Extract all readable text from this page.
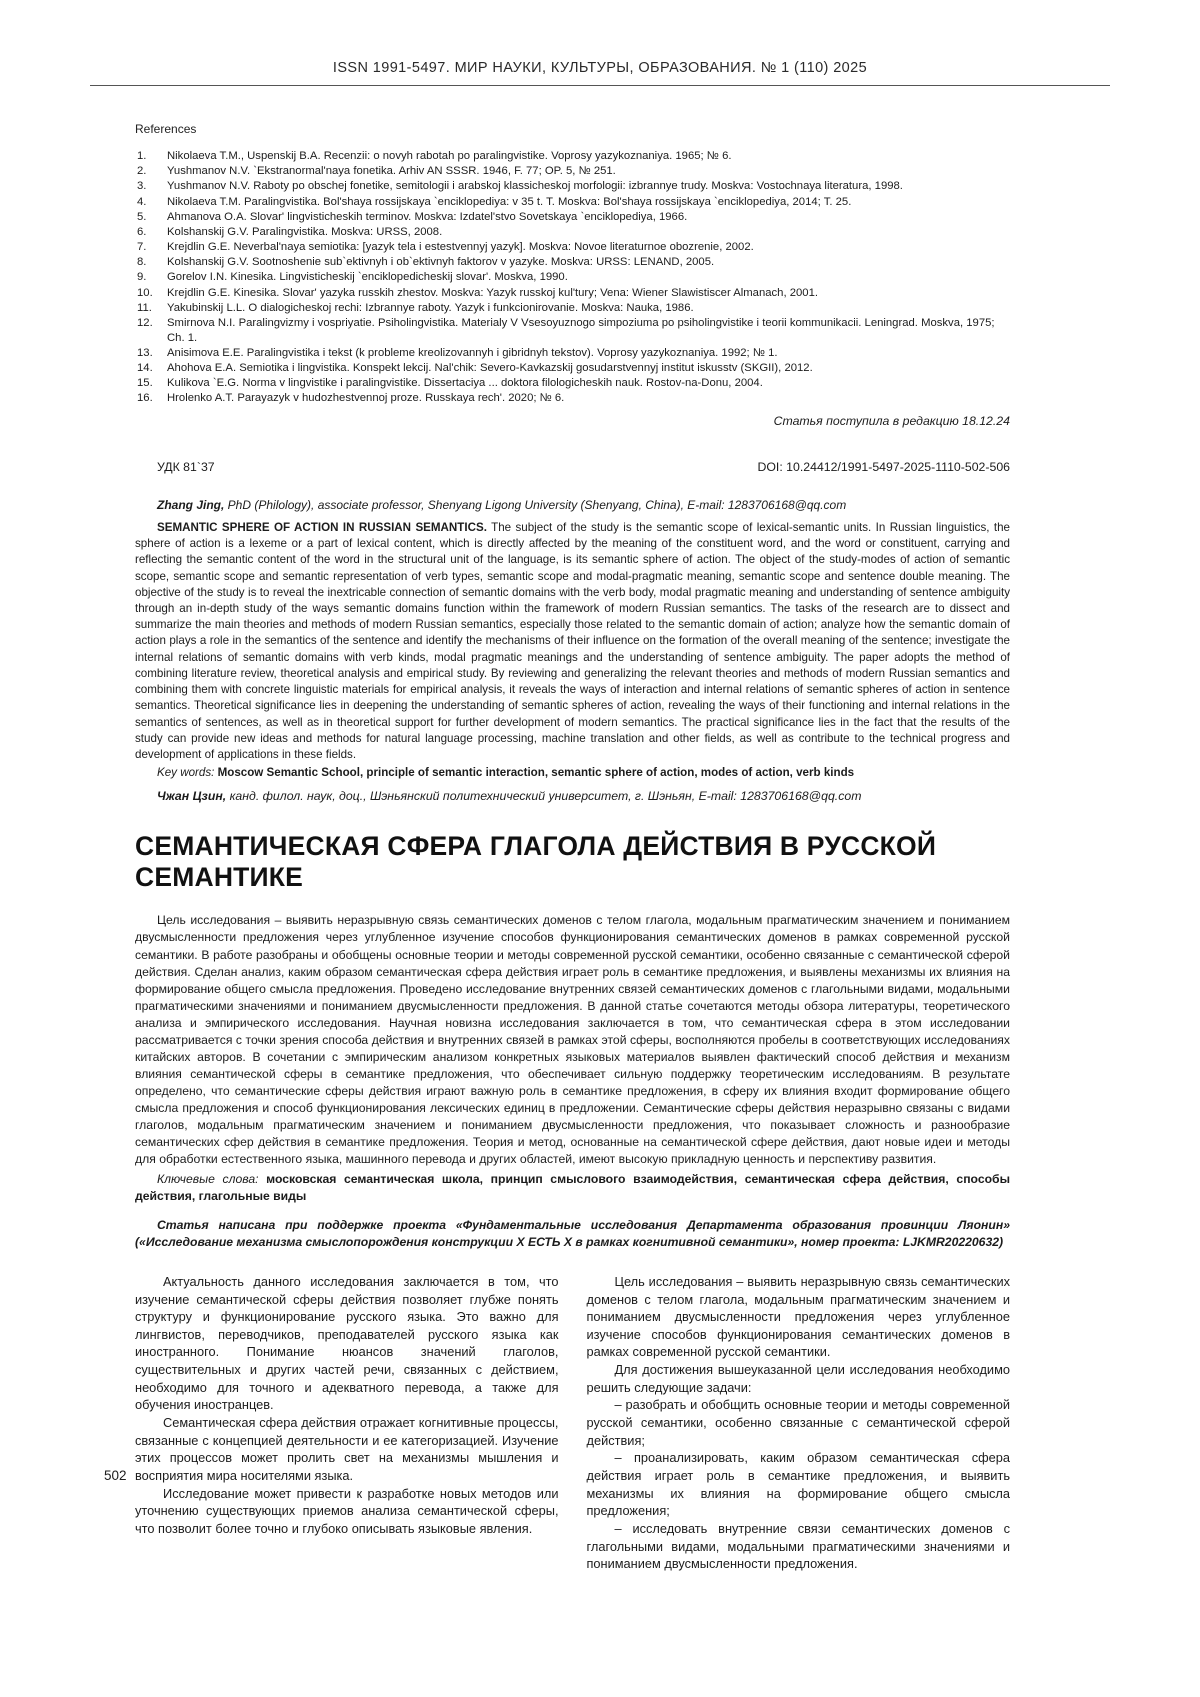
ISSN 1991-5497. МИР НАУКИ, КУЛЬТУРЫ, ОБРАЗОВАНИЯ. № 1 (110) 2025
References
Nikolaeva T.M., Uspenskij B.A. Recenzii: o novyh rabotah po paralingvistike. Voprosy yazykoznaniya. 1965; № 6.
Yushmanov N.V. `Ekstranormal'naya fonetika. Arhiv AN SSSR. 1946, F. 77; OP. 5, № 251.
Yushmanov N.V. Raboty po obschej fonetike, semitologii i arabskoj klassicheskoj morfologii: izbrannye trudy. Moskva: Vostochnaya literatura, 1998.
Nikolaeva T.M. Paralingvistika. Bol'shaya rossijskaya `enciklopediya: v 35 t. T. Moskva: Bol'shaya rossijskaya `enciklopediya, 2014; T. 25.
Ahmanova O.A. Slovar' lingvisticheskih terminov. Moskva: Izdatel'stvo Sovetskaya `enciklopediya, 1966.
Kolshanskij G.V. Paralingvistika. Moskva: URSS, 2008.
Krejdlin G.E. Neverbal'naya semiotika: [yazyk tela i estestvennyj yazyk]. Moskva: Novoe literaturnoe obozrenie, 2002.
Kolshanskij G.V. Sootnoshenie sub`ektivnyh i ob`ektivnyh faktorov v yazyke. Moskva: URSS: LENAND, 2005.
Gorelov I.N. Kinesika. Lingvisticheskij `enciklopedicheskij slovar'. Moskva, 1990.
Krejdlin G.E. Kinesika. Slovar' yazyka russkih zhestov. Moskva: Yazyk russkoj kul'tury; Vena: Wiener Slawistiscer Almanach, 2001.
Yakubinskij L.L. O dialogicheskoj rechi: Izbrannye raboty. Yazyk i funkcionirovanie. Moskva: Nauka, 1986.
Smirnova N.I. Paralingvizmy i vospriyatie. Psiholingvistika. Materialy V Vsesoyuznogo simpoziuma po psiholingvistike i teorii kommunikacii. Leningrad. Moskva, 1975; Ch. 1.
Anisimova E.E. Paralingvistika i tekst (k probleme kreolizovannyh i gibridnyh tekstov). Voprosy yazykoznaniya. 1992; № 1.
Ahohova E.A. Semiotika i lingvistika. Konspekt lekcij. Nal'chik: Severo-Kavkazskij gosudarstvennyj institut iskusstv (SKGII), 2012.
Kulikova `E.G. Norma v lingvistike i paralingvistike. Dissertaciya ... doktora filologicheskih nauk. Rostov-na-Donu, 2004.
Hrolenko A.T. Parayazyk v hudozhestvennoj proze. Russkaya rech'. 2020; № 6.
Статья поступила в редакцию 18.12.24
УДК 81`37	DOI: 10.24412/1991-5497-2025-1110-502-506

Zhang Jing, PhD (Philology), associate professor, Shenyang Ligong University (Shenyang, China), E-mail: 1283706168@qq.com

SEMANTIC SPHERE OF ACTION IN RUSSIAN SEMANTICS. The subject of the study is the semantic scope of lexical-semantic units. In Russian linguistics, the sphere of action is a lexeme or a part of lexical content, which is directly affected by the meaning of the constituent word, and the word or constituent, carrying and reflecting the semantic content of the word in the structural unit of the language, is its semantic sphere of action. The object of the study-modes of action of semantic scope, semantic scope and semantic representation of verb types, semantic scope and modal-pragmatic meaning, semantic scope and sentence double meaning. The objective of the study is to reveal the inextricable connection of semantic domains with the verb body, modal pragmatic meaning and understanding of sentence ambiguity through an in-depth study of the ways semantic domains function within the framework of modern Russian semantics. The tasks of the research are to dissect and summarize the main theories and methods of modern Russian semantics, especially those related to the semantic domain of action; analyze how the semantic domain of action plays a role in the semantics of the sentence and identify the mechanisms of their influence on the formation of the overall meaning of the sentence; investigate the internal relations of semantic domains with verb kinds, modal pragmatic meanings and the understanding of sentence ambiguity. The paper adopts the method of combining literature review, theoretical analysis and empirical study. By reviewing and generalizing the relevant theories and methods of modern Russian semantics and combining them with concrete linguistic materials for empirical analysis, it reveals the ways of interaction and internal relations of semantic spheres of action in sentence semantics. Theoretical significance lies in deepening the understanding of semantic spheres of action, revealing the ways of their functioning and internal relations in the semantics of sentences, as well as in theoretical support for further development of modern semantics. The practical significance lies in the fact that the results of the study can provide new ideas and methods for natural language processing, machine translation and other fields, as well as contribute to the technical progress and development of applications in these fields.

Key words: Moscow Semantic School, principle of semantic interaction, semantic sphere of action, modes of action, verb kinds

Чжан Цзин, канд. филол. наук, доц., Шэньянский политехнический университет, г. Шэньян, E-mail: 1283706168@qq.com

СЕМАНТИЧЕСКАЯ СФЕРА ГЛАГОЛА ДЕЙСТВИЯ В РУССКОЙ СЕМАНТИКЕ

Цель исследования – выявить неразрывную связь семантических доменов с телом глагола, модальным прагматическим значением и пониманием двусмысленности предложения через углубленное изучение способов функционирования семантических доменов в рамках современной русской семантики. В работе разобраны и обобщены основные теории и методы современной русской семантики, особенно связанные с семантической сферой действия. Сделан анализ, каким образом семантическая сфера действия играет роль в семантике предложения, и выявлены механизмы их влияния на формирование общего смысла предложения. Проведено исследование внутренних связей семантических доменов с глагольными видами, модальными прагматическими значениями и пониманием двусмысленности предложения. В данной статье сочетаются методы обзора литературы, теоретического анализа и эмпирического исследования. Научная новизна исследования заключается в том, что семантическая сфера в этом исследовании рассматривается с точки зрения способа действия и внутренних связей в рамках этой сферы, восполняются пробелы в соответствующих исследованиях китайских авторов. В сочетании с эмпирическим анализом конкретных языковых материалов выявлен фактический способ действия и механизм влияния семантической сферы в семантике предложения, что обеспечивает сильную поддержку теоретическим исследованиям. В результате определено, что семантические сферы действия играют важную роль в семантике предложения, в сферу их влияния входит формирование общего смысла предложения и способ функционирования лексических единиц в предложении. Семантические сферы действия неразрывно связаны с видами глаголов, модальным прагматическим значением и пониманием двусмысленности предложения, что показывает сложность и разнообразие семантических сфер действия в семантике предложения. Теория и метод, основанные на семантической сфере действия, дают новые идеи и методы для обработки естественного языка, машинного перевода и других областей, имеют высокую прикладную ценность и перспективу развития.

Ключевые слова: московская семантическая школа, принцип смыслового взаимодействия, семантическая сфера действия, способы действия, глагольные виды

Статья написана при поддержке проекта «Фундаментальные исследования Департамента образования провинции Ляонин» («Исследование механизма смыслопорождения конструкции Х ЕСТЬ Х в рамках когнитивной семантики», номер проекта: LJKMR20220632)

Актуальность данного исследования заключается в том, что изучение семантической сферы действия позволяет глубже понять структуру и функционирование русского языка. Это важно для лингвистов, переводчиков, преподавателей русского языка как иностранного. Понимание нюансов значений глаголов, существительных и других частей речи, связанных с действием, необходимо для точного и адекватного перевода, а также для обучения иностранцев.

Семантическая сфера действия отражает когнитивные процессы, связанные с концепцией деятельности и ее категоризацией. Изучение этих процессов может пролить свет на механизмы мышления и восприятия мира носителями языка.

Исследование может привести к разработке новых методов или уточнению существующих приемов анализа семантической сферы, что позволит более точно и глубоко описывать языковые явления.

Цель исследования – выявить неразрывную связь семантических доменов с телом глагола, модальным прагматическим значением и пониманием двусмысленности предложения через углубленное изучение способов функционирования семантических доменов в рамках современной русской семантики.

Для достижения вышеуказанной цели исследования необходимо решить следующие задачи:

– разобрать и обобщить основные теории и методы современной русской семантики, особенно связанные с семантической сферой действия;

– проанализировать, каким образом семантическая сфера действия играет роль в семантике предложения, и выявить механизмы их влияния на формирование общего смысла предложения;

– исследовать внутренние связи семантических доменов с глагольными видами, модальными прагматическими значениями и пониманием двусмысленности предложения.

502
